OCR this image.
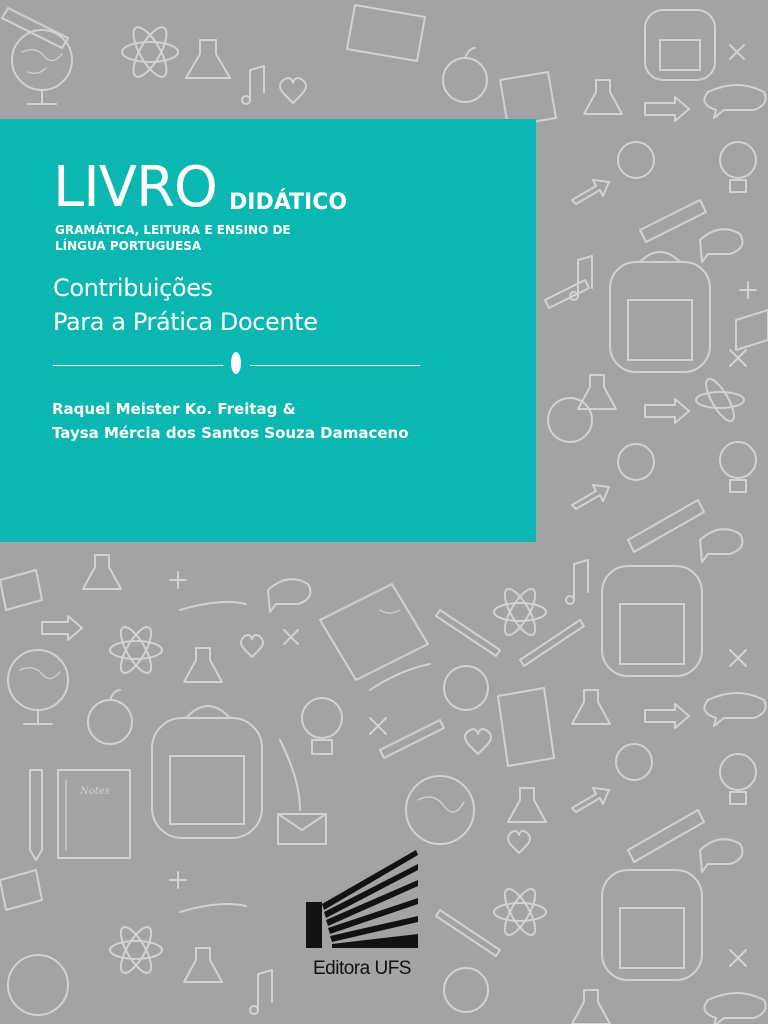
Notes
LIVRO DIDÁTICO
GRAMÁTICA, LEITURA E ENSINO DE
LÍNGUA PORTUGUESA
Contribuições
Para a Prática Docente
Raquel Meister Ko. Freitag &
Taysa Mércia dos Santos Souza Damaceno
Editora UFS
